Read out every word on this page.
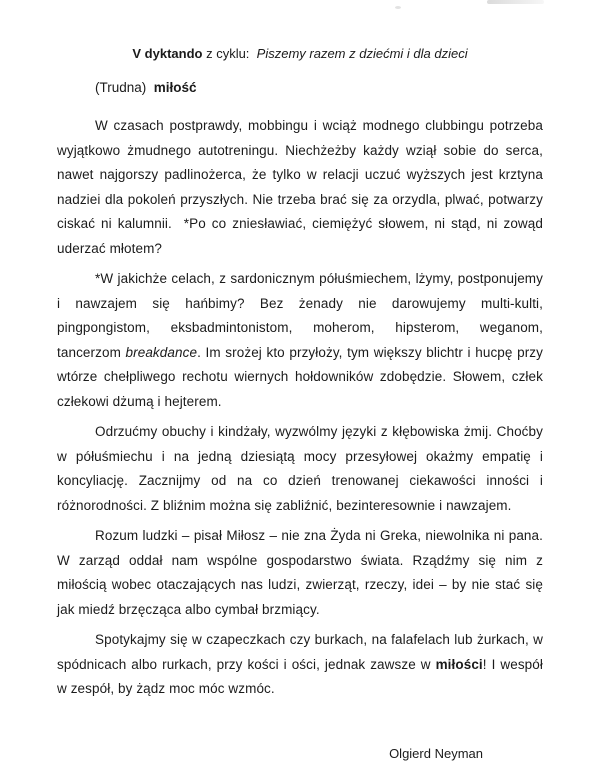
V dyktando z cyklu:  Piszemy razem z dziećmi i dla dzieci

(Trudna)  miłość

W czasach postprawdy, mobbingu i wciąż modnego clubbingu potrzeba wyjątkowo żmudnego autotreningu. Niechżeżby każdy wziął sobie do serca, nawet najgorszy padlinożerca, że tylko w relacji uczuć wyższych jest krztyna nadziei dla pokoleń przyszłych. Nie trzeba brać się za orzydla, plwać, potwarzy ciskać ni kalumnii.  *Po co zniesławiać, ciemiężyć słowem, ni stąd, ni zowąd uderzać młotem?

*W jakichże celach, z sardonicznym półuśmiechem, lżymy, postponujemy i nawzajem się hańbimy? Bez żenady nie darowujemy multi-kulti, pingpongistom, eksbadmintonistom, moherom, hipsterom, weganom, tancerzom breakdance. Im srożej kto przyłoży, tym większy blichtr i hucpę przy wtórze chełpliwego rechotu wiernych hołdowników zdobędzie. Słowem, człek człekowi dżumą i hejterem.

Odrzućmy obuchy i kindżały, wyzwólmy języki z kłębowiska żmij. Choćby w półuśmiechu i na jedną dziesiątą mocy przesyłowej okażmy empatię i koncyliację. Zacznijmy od na co dzień trenowanej ciekawości inności i różnorodności. Z bliźnim można się zabliźnić, bezinteresownie i nawzajem.

Rozum ludzki – pisał Miłosz – nie zna Żyda ni Greka, niewolnika ni pana. W zarząd oddał nam wspólne gospodarstwo świata. Rządźmy się nim z miłością wobec otaczających nas ludzi, zwierząt, rzeczy, idei – by nie stać się jak miedź brzęcząca albo cymbał brzmiący.

Spotykajmy się w czapeczkach czy burkach, na falafelach lub żurkach, w spódnicach albo rurkach, przy kości i ości, jednak zawsze w miłości! I wespół w zespół, by żądz moc móc wzmóc.

Olgierd Neyman
